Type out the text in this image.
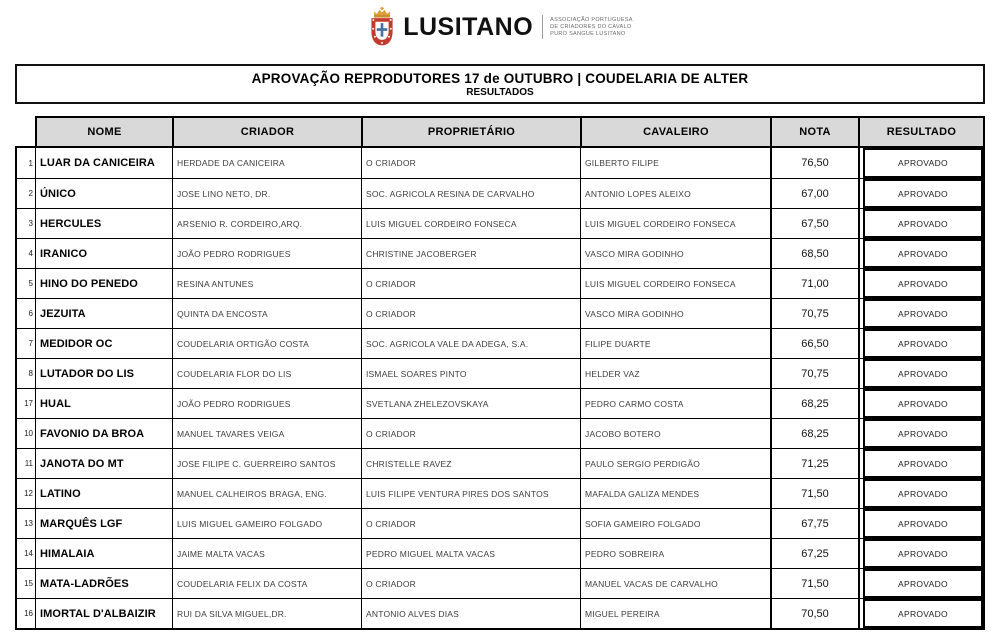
LUSITANO	ASSOCIAÇÃO PORTUGUESA
DE CRIADORES DO CAVALO
PURO SANGUE LUSITANO
APROVAÇÃO REPRODUTORES 17 de OUTUBRO | COUDELARIA DE ALTER
RESULTADOS
NOME	CRIADOR	PROPRIETÁRIO	CAVALEIRO	NOTA	RESULTADO
1 LUAR DA CANICEIRA	HERDADE DA CANICEIRA	O CRIADOR	GILBERTO FILIPE	76,50	APROVADO
2 ÚNICO	JOSE LINO NETO, DR.	SOC. AGRICOLA RESINA DE CARVALHO	ANTONIO LOPES ALEIXO	67,00	APROVADO
3 HERCULES	ARSENIO R. CORDEIRO,ARQ.	LUIS MIGUEL CORDEIRO FONSECA	LUIS MIGUEL CORDEIRO FONSECA	67,50	APROVADO
4 IRANICO	JOÃO PEDRO RODRIGUES	CHRISTINE JACOBERGER	VASCO MIRA GODINHO	68,50	APROVADO
5 HINO DO PENEDO	RESINA ANTUNES	O CRIADOR	LUIS MIGUEL CORDEIRO FONSECA	71,00	APROVADO
6 JEZUITA	QUINTA DA ENCOSTA	O CRIADOR	VASCO MIRA GODINHO	70,75	APROVADO
7 MEDIDOR OC	COUDELARIA ORTIGÃO COSTA	SOC. AGRICOLA VALE DA ADEGA, S.A.	FILIPE DUARTE	66,50	APROVADO
8 LUTADOR DO LIS	COUDELARIA FLOR DO LIS	ISMAEL SOARES PINTO	HELDER VAZ	70,75	APROVADO
17 HUAL	JOÃO PEDRO RODRIGUES	SVETLANA ZHELEZOVSKAYA	PEDRO CARMO COSTA	68,25	APROVADO
10 FAVONIO DA BROA	MANUEL TAVARES VEIGA	O CRIADOR	JACOBO BOTERO	68,25	APROVADO
11 JANOTA DO MT	JOSE FILIPE C. GUERREIRO SANTOS	CHRISTELLE RAVEZ	PAULO SERGIO PERDIGÃO	71,25	APROVADO
12 LATINO	MANUEL CALHEIROS BRAGA, ENG.	LUIS FILIPE VENTURA PIRES DOS SANTOS	MAFALDA GALIZA MENDES	71,50	APROVADO
13 MARQUÊS LGF	LUIS MIGUEL GAMEIRO FOLGADO	O CRIADOR	SOFIA GAMEIRO FOLGADO	67,75	APROVADO
14 HIMALAIA	JAIME MALTA VACAS	PEDRO MIGUEL MALTA VACAS	PEDRO SOBREIRA	67,25	APROVADO
15 MATA-LADRÕES	COUDELARIA FELIX DA COSTA	O CRIADOR	MANUEL VACAS DE CARVALHO	71,50	APROVADO
16 IMORTAL D'ALBAIZIR	RUI DA SILVA MIGUEL,DR.	ANTONIO ALVES DIAS	MIGUEL PEREIRA	70,50	APROVADO
